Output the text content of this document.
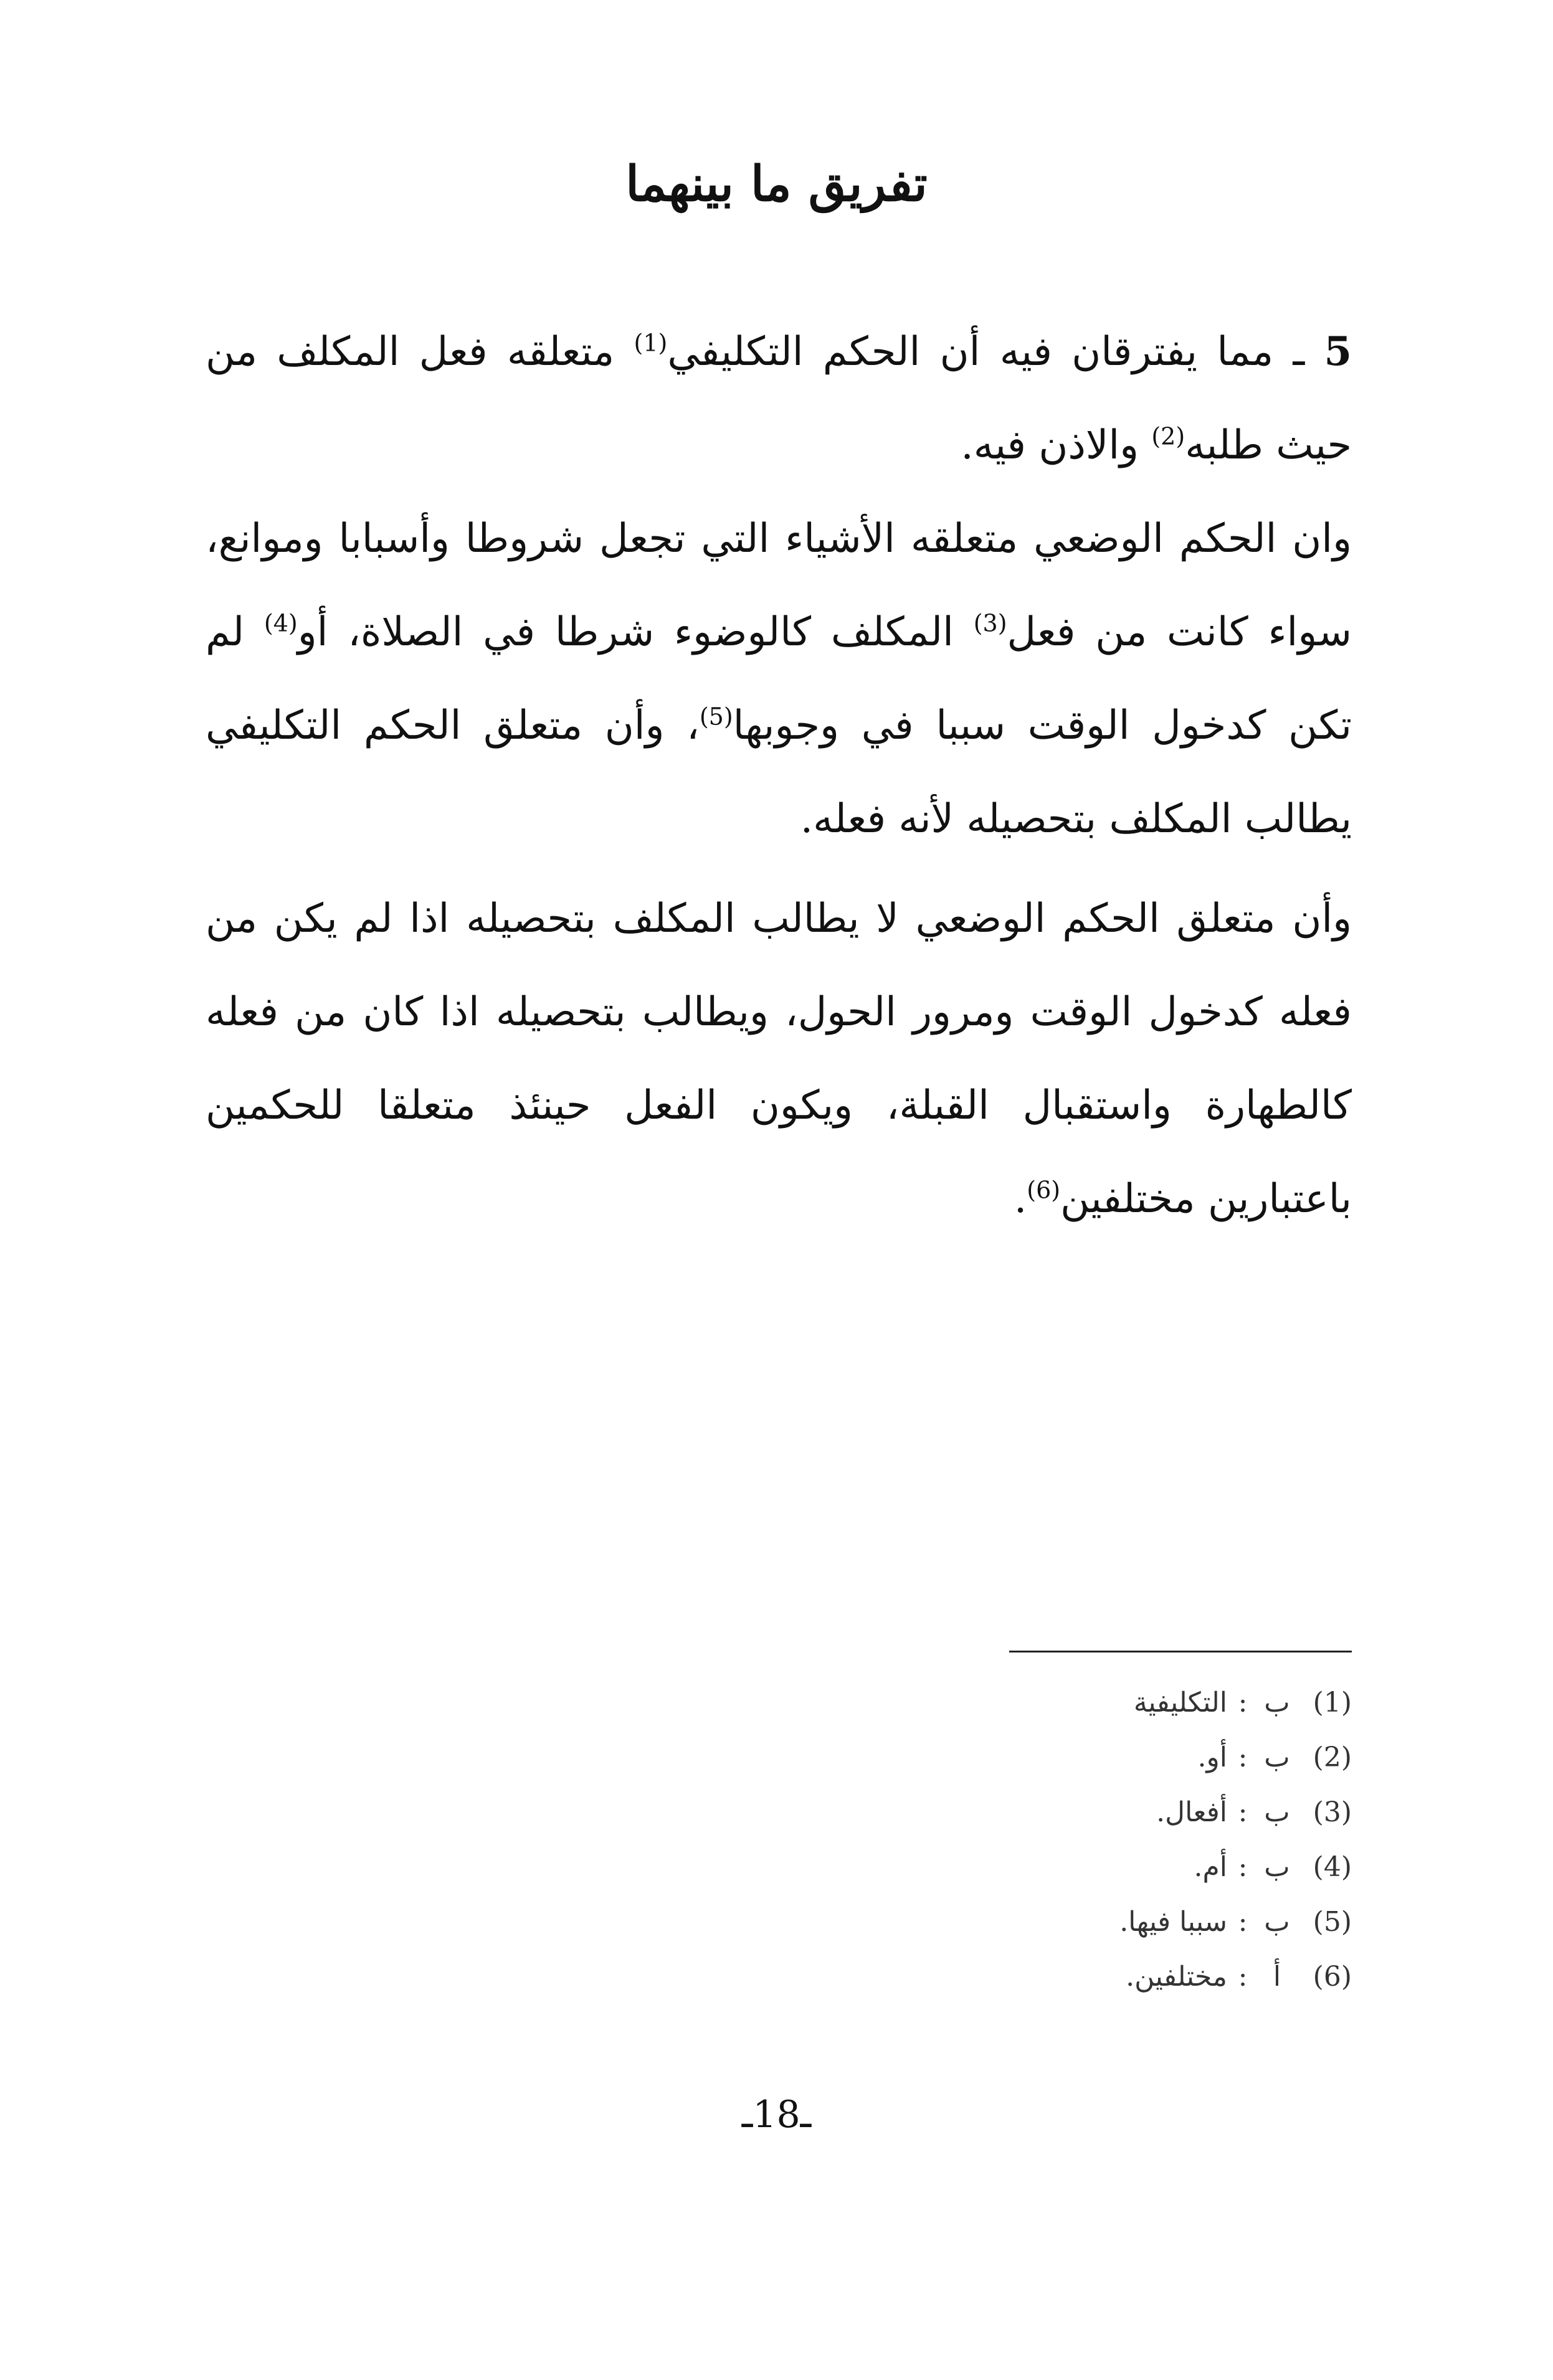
تفريق ما بينهما
5 ـ مما يفترقان فيه أن الحكم التكليفي$^{(1)}$ متعلقه فعل المكلف من حيث طلبه$^{(2)}$ والاذن فيه.
وان الحكم الوضعي متعلقه الأشياء التي تجعل شروطا وأسبابا وموانع، سواء كانت من فعل$^{(3)}$ المكلف كالوضوء شرطا في الصلاة، أو$^{(4)}$ لم تكن كدخول الوقت سببا في وجوبها$^{(5)}$، وأن متعلق الحكم التكليفي يطالب المكلف بتحصيله لأنه فعله.
وأن متعلق الحكم الوضعي لا يطالب المكلف بتحصيله اذا لم يكن من فعله كدخول الوقت ومرور الحول، ويطالب بتحصيله اذا كان من فعله كالطهارة واستقبال القبلة، ويكون الفعل حينئذ متعلقا للحكمين باعتبارين مختلفين$^{(6)}$.
(1)ب:التكليفية
(2)ب:أو.
(3)ب:أفعال.
(4)ب:أم.
(5)ب:سببا فيها.
(6)أ:مختلفين.
ـ18ـ
